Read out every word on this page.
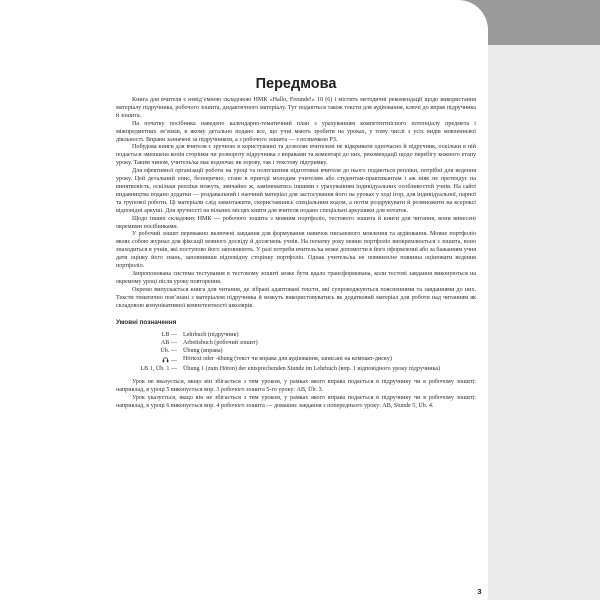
Передмова

Книга для вчителя є невід’ємною складовою НМК «Hallo, Freunde!» 10 (6) і містить методичні рекомендації щодо використання матеріалу підручника, робочого зошита, дидактичного матеріалу. Тут подаються також тексти для аудіювання, ключі до вправ підручника й зошита.

На початку посібника наведено календарно-тематичний план з урахуванням компетентнісного потенціалу предмета і міжпредметних зв’язків, в якому детально подано все, що учні мають зробити на уроках, у тому числі з усіх видів мовленнєвої діяльності. Вправи зазначені за підручником, а з робочого зошита — з позначкою РЗ.

Побудова книги для вчителя є зручною в користуванні та дозволяє вчителеві не відкривати одночасно й підручник, оскільки в ній подається зменшена копія сторінки чи розвороту підручника з вправами та коментарі до них, рекомендації щодо перебігу кожного етапу уроку. Таким чином, учитель/ка має водночас як зорову, так і текстову підтримку.

Для ефективної організації роботи на уроці та полегшення підготовки вчителя до нього подаються репліки, потрібні для ведення уроку. Цей детальний опис, безперечно, стане в пригоді молодим учителям або студентам-практикантам і аж ніяк не претендує на винятковість, оскільки репліки можуть, звичайно ж, замінюватись іншими з урахуванням індивідуальних особливостей учнів. На сайті видавництва подано додатки — роздавальний і наочний матеріал для застосування його на уроках у ході ігор, для індивідуальної, парної та групової роботи. Ці матеріали слід завантажити, скориставшись спеціальним кодом, а потім роздрукувати й розмножити на ксероксі відповідні аркуші. Для зручності на вільних місцях книги для вчителя подано спеціальні аркушики для нотаток.

Щодо інших складових НМК — робочого зошита з мовним портфоліо, тестового зошита й книги для читання, вони винесені окремими посібниками.

У робочий зошит переважно включені завдання для формування навичок письмового мовлення та аудіювання. Мовне портфоліо являє собою журнал для фіксації мовного досвіду й досягнень учнів. На початку року мовне портфоліо виокремлюється з зошита, воно знаходиться в учнів, які поступово його заповнюють. У разі потреби вчитель/ка може допомогти в його оформленні або за бажанням учня дати оцінку його знань, заповнивши відповідну сторінку портфоліо. Однак учитель/ка не повинен/не повинна оцінювати ведення портфоліо.

Запропонована система тестування в тестовому зошиті може бути вдало трансформована, коли тестові завдання виконуються на окремому уроці після уроку повторення.

Окремо випускається книга для читання, де зібрані адаптовані тексти, які супроводжуються поясненнями та завданнями до них. Тексти тематично пов’язані з матеріалом підручника й можуть використовуватись як додатковий матеріал для роботи над читанням як складовою комунікативної компетентності школярів.

Умовні позначення
LB — Lehrbuch (підручник)
AB — Arbeitsbuch (робочий зошит)
Üb. — Übung (вправа)
— Hörtext oder -übung (текст чи вправа для аудіювання, записані на компакт-диску)
LB 1, Üb. 1 — Übung 1 (zum Hören) der entsprechenden Stunde im Lehrbuch (впр. 1 відповідного уроку підручника)

Урок не вказується, якщо він збігається з тим уроком, у рамках якого вправа подається в підручнику чи в робочому зошиті: наприклад, в уроці 5 виконується впр. 3 робочого зошита 5-го уроку: AB, Üb. 3.

Урок указується, якщо він не збігається з тим уроком, у рамках якого вправа подається в підручнику чи в робочому зошиті: наприклад, в уроці 6 виконується впр. 4 робочого зошита — домашнє завдання з попереднього уроку: AB, Stunde 5, Üb. 4.

3
